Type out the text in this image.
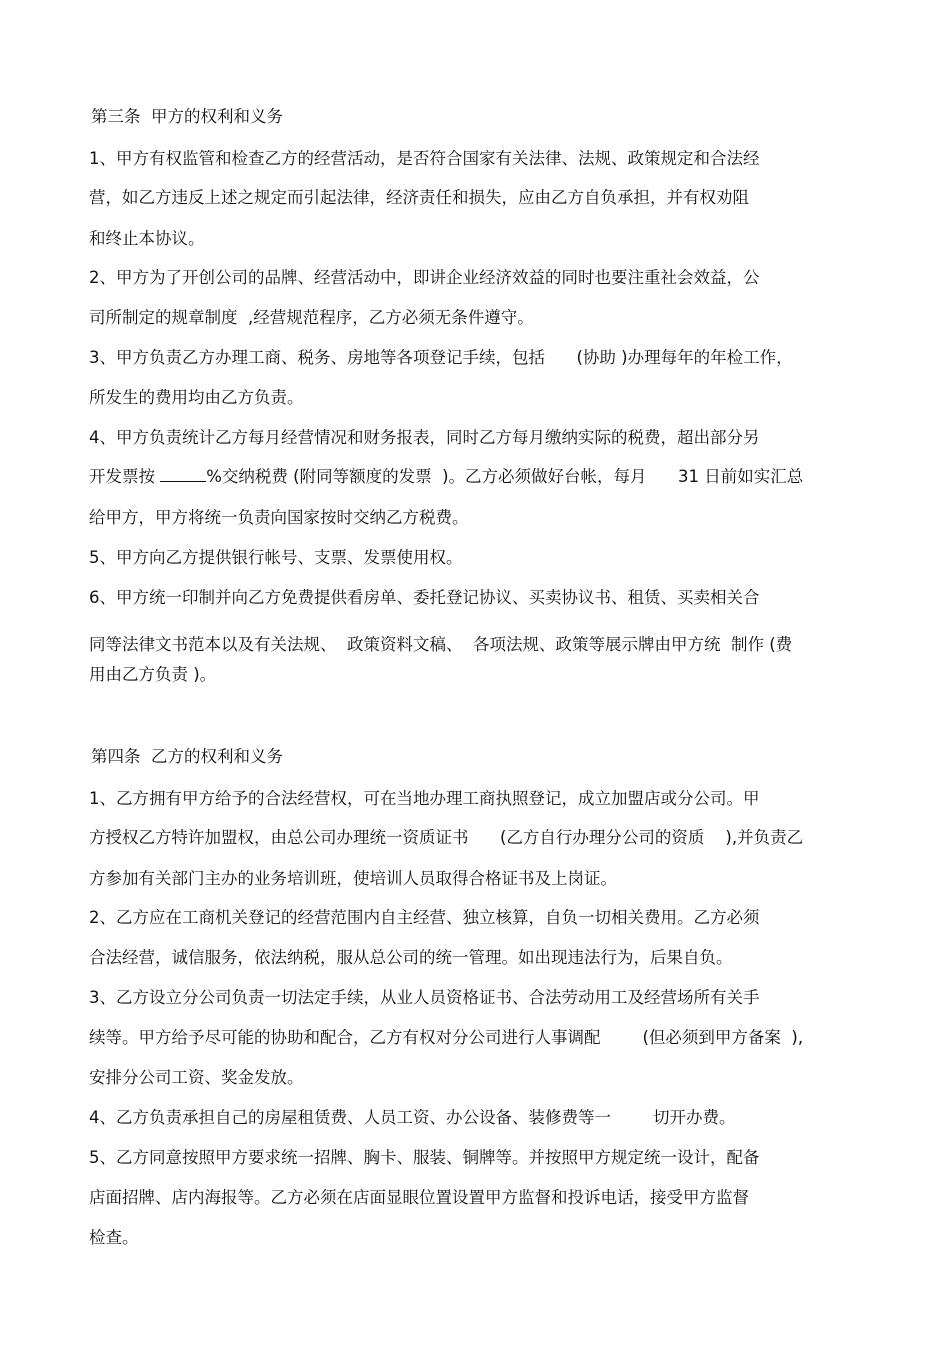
第三条  甲方的权利和义务
1、甲方有权监管和检查乙方的经营活动，是否符合国家有关法律、法规、政策规定和合法经
营，如乙方违反上述之规定而引起法律，经济责任和损失，应由乙方自负承担，并有权劝阻
和终止本协议。
2、甲方为了开创公司的品牌、经营活动中，即讲企业经济效益的同时也要注重社会效益，公
司所制定的规章制度  ,经营规范程序，乙方必须无条件遵守。
3、甲方负责乙方办理工商、税务、房地等各项登记手续，包括      (协助 )办理每年的年检工作，
所发生的费用均由乙方负责。
4、甲方负责统计乙方每月经营情况和财务报表，同时乙方每月缴纳实际的税费，超出部分另
开发票按	%交纳税费 (附同等额度的发票  )。乙方必须做好台帐，每月      31 日前如实汇总
给甲方，甲方将统一负责向国家按时交纳乙方税费。
5、甲方向乙方提供银行帐号、支票、发票使用权。
6、甲方统一印制并向乙方免费提供看房单、委托登记协议、买卖协议书、租赁、买卖相关合
同等法律文书范本以及有关法规、  政策资料文稿、  各项法规、政策等展示牌由甲方统  制作 (费
用由乙方负责 )。
第四条  乙方的权利和义务
1、乙方拥有甲方给予的合法经营权，可在当地办理工商执照登记，成立加盟店或分公司。甲
方授权乙方特许加盟权，由总公司办理统一资质证书      (乙方自行办理分公司的资质    ),并负责乙
方参加有关部门主办的业务培训班，使培训人员取得合格证书及上岗证。
2、乙方应在工商机关登记的经营范围内自主经营、独立核算，自负一切相关费用。乙方必须
合法经营，诚信服务，依法纳税，服从总公司的统一管理。如出现违法行为，后果自负。
3、乙方设立分公司负责一切法定手续，从业人员资格证书、合法劳动用工及经营场所有关手
续等。甲方给予尽可能的协助和配合，乙方有权对分公司进行人事调配        (但必须到甲方备案  ),
安排分公司工资、奖金发放。
4、乙方负责承担自己的房屋租赁费、人员工资、办公设备、装修费等一        切开办费。
5、乙方同意按照甲方要求统一招牌、胸卡、服装、铜牌等。并按照甲方规定统一设计，配备
店面招牌、店内海报等。乙方必须在店面显眼位置设置甲方监督和投诉电话，接受甲方监督
检查。
